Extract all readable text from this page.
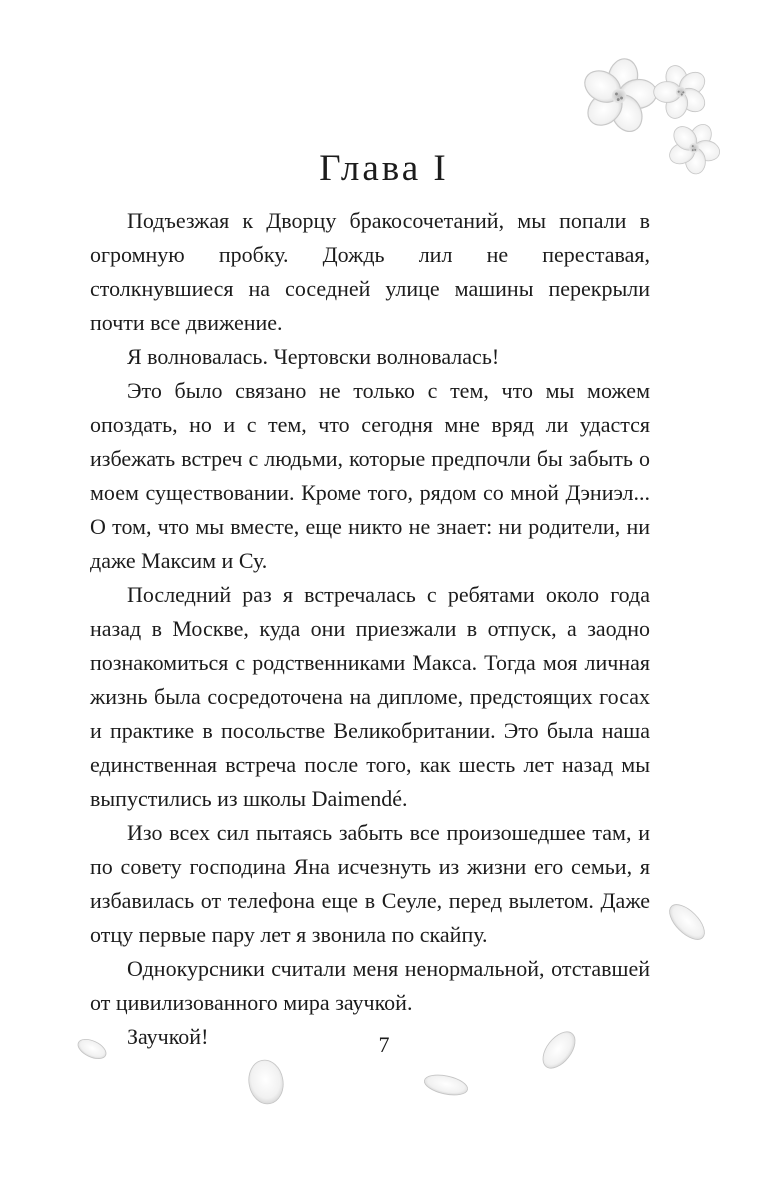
Глава I

Подъезжая к Дворцу бракосочетаний, мы попали в огромную пробку. Дождь лил не переставая, столкнувшиеся на соседней улице машины перекрыли почти все движение.

Я волновалась. Чертовски волновалась!

Это было связано не только с тем, что мы можем опоздать, но и с тем, что сегодня мне вряд ли удастся избежать встреч с людьми, которые предпочли бы забыть о моем существовании. Кроме того, рядом со мной Дэниэл... О том, что мы вместе, еще никто не знает: ни родители, ни даже Максим и Су.

Последний раз я встречалась с ребятами около года назад в Москве, куда они приезжали в отпуск, а заодно познакомиться с родственниками Макса. Тогда моя личная жизнь была сосредоточена на дипломе, предстоящих госах и практике в посольстве Великобритании. Это была наша единственная встреча после того, как шесть лет назад мы выпустились из школы Daimendé.

Изо всех сил пытаясь забыть все произошедшее там, и по совету господина Яна исчезнуть из жизни его семьи, я избавилась от телефона еще в Сеуле, перед вылетом. Даже отцу первые пару лет я звонила по скайпу.

Однокурсники считали меня ненормальной, отставшей от цивилизованного мира заучкой.

Заучкой!	7
